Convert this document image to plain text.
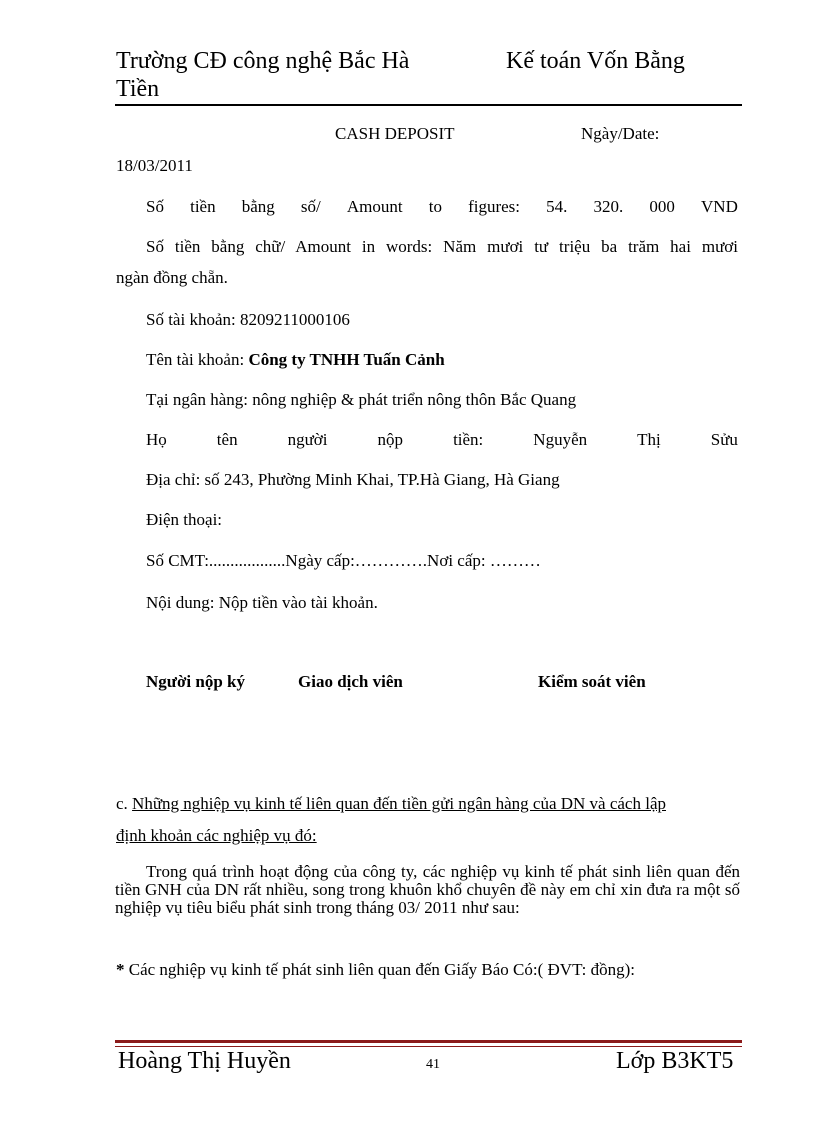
Trường CĐ công nghệ Bắc Hà	Kế toán Vốn Bằng
Tiền
CASH DEPOSIT	Ngày/Date:
18/03/2011
Số tiền bằng số/ Amount to figures: 54. 320. 000 VND
Số tiền bằng chữ/ Amount in words: Năm mươi tư triệu ba trăm hai mươi
ngàn đồng chẵn.
Số tài khoản: 8209211000106
Tên tài khoản: Công ty TNHH Tuấn Cảnh
Tại ngân hàng: nông nghiệp & phát triển nông thôn Bắc Quang
Họ	tên	người	nộp	tiền:	Nguyễn	Thị	Sửu
Địa chỉ: số 243, Phường Minh Khai, TP.Hà Giang, Hà Giang
Điện thoại:
Số CMT:..................Ngày cấp:………….Nơi cấp: ………
Nội dung: Nộp tiền vào tài khoản.
Người nộp ký	Giao dịch viên	Kiểm soát viên
c. Những nghiệp vụ kinh tế liên quan đến tiền gửi ngân hàng của DN và cách lập
định khoản các nghiệp vụ đó:
Trong quá trình hoạt động của công ty, các nghiệp vụ kinh tế phát sinh liên quan đến tiền GNH của DN rất nhiều, song trong khuôn khổ chuyên đề này em chỉ xin đưa ra một số nghiệp vụ tiêu biểu phát sinh trong tháng 03/ 2011 như sau:
* Các nghiệp vụ kinh tế phát sinh liên quan đến Giấy Báo Có:( ĐVT: đồng):
Hoàng Thị Huyền	41	Lớp B3KT5
